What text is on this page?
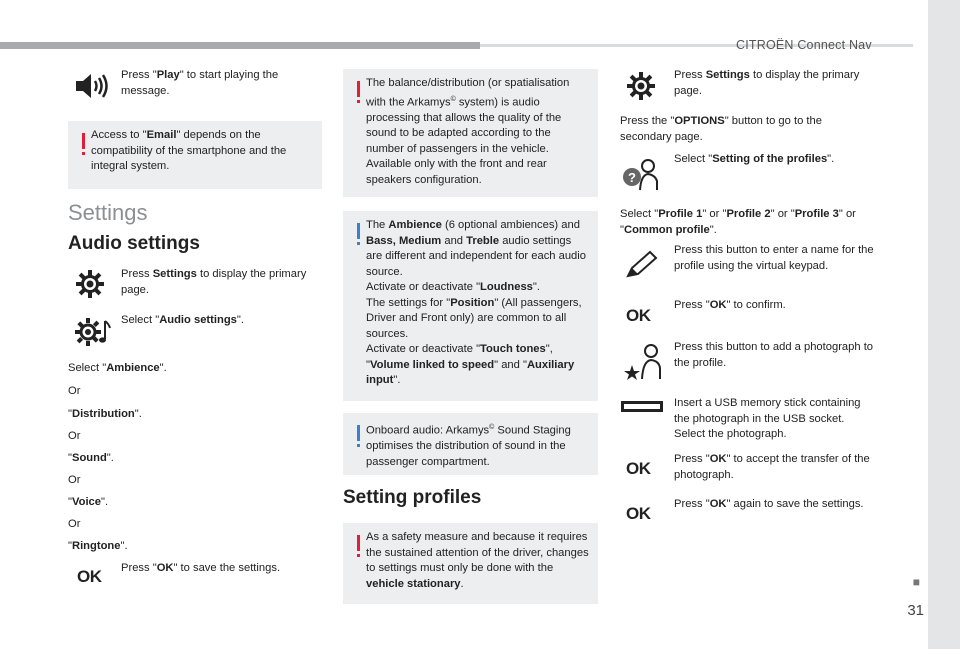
CITROËN Connect Nav
■
31
Press "Play" to start playing the message.
Access to "Email" depends on the compatibility of the smartphone and the integral system.
Settings
Audio settings
Press Settings to display the primary page.
Select "Audio settings".
Select "Ambience".
Or
"Distribution".
Or
"Sound".
Or
"Voice".
Or
"Ringtone".
OK Press "OK" to save the settings.
The balance/distribution (or spatialisation with the Arkamys© system) is audio processing that allows the quality of the sound to be adapted according to the number of passengers in the vehicle. Available only with the front and rear speakers configuration.
The Ambience (6 optional ambiences) and Bass, Medium and Treble audio settings are different and independent for each audio source.
Activate or deactivate "Loudness".
The settings for "Position" (All passengers, Driver and Front only) are common to all sources.
Activate or deactivate "Touch tones", "Volume linked to speed" and "Auxiliary input".
Onboard audio: Arkamys© Sound Staging optimises the distribution of sound in the passenger compartment.
Setting profiles
As a safety measure and because it requires the sustained attention of the driver, changes to settings must only be done with the vehicle stationary.
Press Settings to display the primary page.
Press the "OPTIONS" button to go to the secondary page.
?
Select "Setting of the profiles".
Select "Profile 1" or "Profile 2" or "Profile 3" or "Common profile".
Press this button to enter a name for the profile using the virtual keypad.
OK
Press "OK" to confirm.
Press this button to add a photograph to the profile.
Insert a USB memory stick containing the photograph in the USB socket. Select the photograph.
OK Press "OK" to accept the transfer of the photograph.
OK Press "OK" again to save the settings.
